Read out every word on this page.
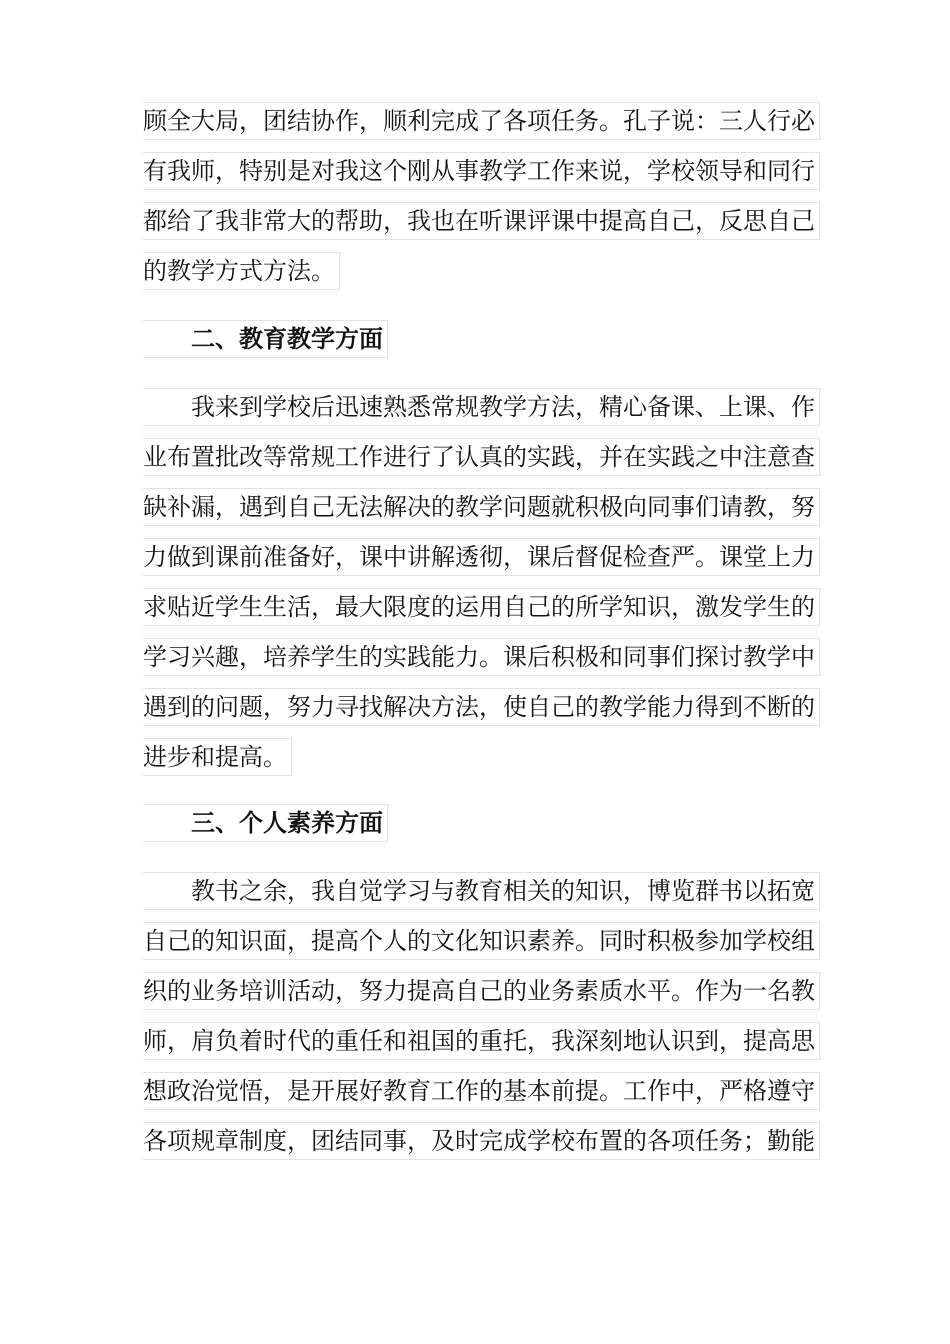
顾全大局，团结协作，顺利完成了各项任务。孔子说：三人行必
有我师，特别是对我这个刚从事教学工作来说，学校领导和同行
都给了我非常大的帮助，我也在听课评课中提高自己，反思自己
的教学方式方法。
二、教育教学方面
我来到学校后迅速熟悉常规教学方法，精心备课、上课、作
业布置批改等常规工作进行了认真的实践，并在实践之中注意查
缺补漏，遇到自己无法解决的教学问题就积极向同事们请教，努
力做到课前准备好，课中讲解透彻，课后督促检查严。课堂上力
求贴近学生生活，最大限度的运用自己的所学知识，激发学生的
学习兴趣，培养学生的实践能力。课后积极和同事们探讨教学中
遇到的问题，努力寻找解决方法，使自己的教学能力得到不断的
进步和提高。
三、个人素养方面
教书之余，我自觉学习与教育相关的知识，博览群书以拓宽
自己的知识面，提高个人的文化知识素养。同时积极参加学校组
织的业务培训活动，努力提高自己的业务素质水平。作为一名教
师，肩负着时代的重任和祖国的重托，我深刻地认识到，提高思
想政治觉悟，是开展好教育工作的基本前提。工作中，严格遵守
各项规章制度，团结同事，及时完成学校布置的各项任务；勤能
